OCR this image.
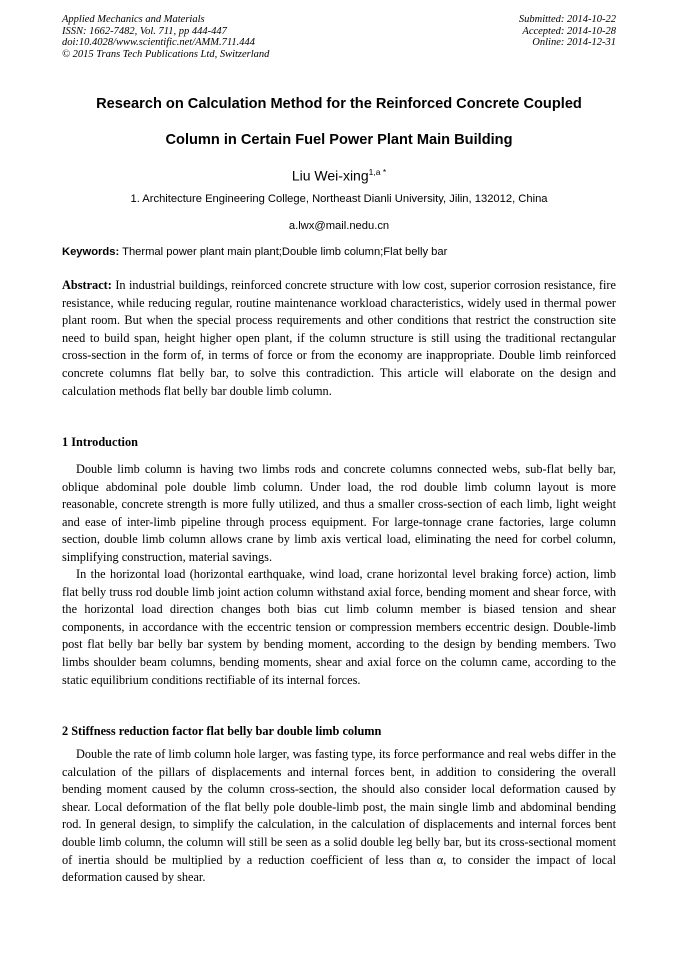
Applied Mechanics and Materials
ISSN: 1662-7482, Vol. 711, pp 444-447
doi:10.4028/www.scientific.net/AMM.711.444
© 2015 Trans Tech Publications Ltd, Switzerland
Submitted: 2014-10-22
Accepted: 2014-10-28
Online: 2014-12-31
Research on Calculation Method for the Reinforced Concrete Coupled
Column in Certain Fuel Power Plant Main Building
Liu Wei-xing$^{1,a *}$
1. Architecture Engineering College, Northeast Dianli University, Jilin, 132012, China
a.lwx@mail.nedu.cn
Keywords: Thermal power plant main plant;Double limb column;Flat belly bar
Abstract: In industrial buildings, reinforced concrete structure with low cost, superior corrosion resistance, fire resistance, while reducing regular, routine maintenance workload characteristics, widely used in thermal power plant room. But when the special process requirements and other conditions that restrict the construction site need to build span, height higher open plant, if the column structure is still using the traditional rectangular cross-section in the form of, in terms of force or from the economy are inappropriate. Double limb reinforced concrete columns flat belly bar, to solve this contradiction. This article will elaborate on the design and calculation methods flat belly bar double limb column.
1 Introduction
Double limb column is having two limbs rods and concrete columns connected webs, sub-flat belly bar, oblique abdominal pole double limb column. Under load, the rod double limb column layout is more reasonable, concrete strength is more fully utilized, and thus a smaller cross-section of each limb, light weight and ease of inter-limb pipeline through process equipment. For large-tonnage crane factories, large column section, double limb column allows crane by limb axis vertical load, eliminating the need for corbel column, simplifying construction, material savings.
In the horizontal load (horizontal earthquake, wind load, crane horizontal level braking force) action, limb flat belly truss rod double limb joint action column withstand axial force, bending moment and shear force, with the horizontal load direction changes both bias cut limb column member is biased tension and shear components, in accordance with the eccentric tension or compression members eccentric design. Double-limb post flat belly bar belly bar system by bending moment, according to the design by bending members. Two limbs shoulder beam columns, bending moments, shear and axial force on the column came, according to the static equilibrium conditions rectifiable of its internal forces.
2 Stiffness reduction factor flat belly bar double limb column
Double the rate of limb column hole larger, was fasting type, its force performance and real webs differ in the calculation of the pillars of displacements and internal forces bent, in addition to considering the overall bending moment caused by the column cross-section, the should also consider local deformation caused by shear. Local deformation of the flat belly pole double-limb post, the main single limb and abdominal bending rod. In general design, to simplify the calculation, in the calculation of displacements and internal forces bent double limb column, the column will still be seen as a solid double leg belly bar, but its cross-sectional moment of inertia should be multiplied by a reduction coefficient of less than α, to consider the impact of local deformation caused by shear.
